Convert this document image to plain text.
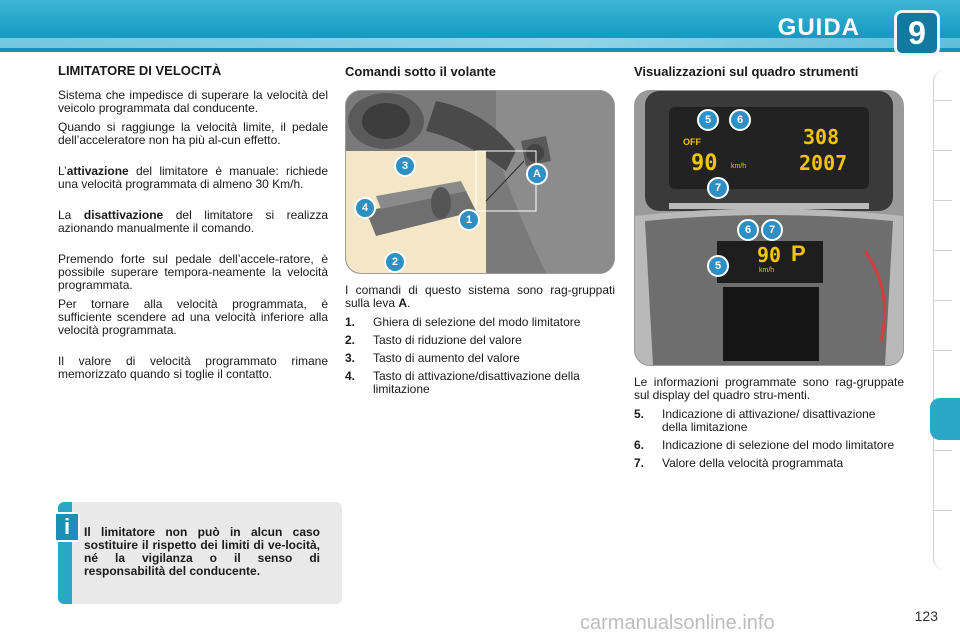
GUIDA	9
LIMITATORE DI VELOCITÀ

Sistema che impedisce di superare la velocità del veicolo programmata dal conducente.

Quando si raggiunge la velocità limite, il pedale dell’acceleratore non ha più al-cun effetto.

L’attivazione del limitatore è manuale: richiede una velocità programmata di almeno 30 Km/h.

La disattivazione del limitatore si realizza azionando manualmente il comando.

Premendo forte sul pedale dell’accele-ratore, è possibile superare tempora-neamente la velocità programmata.

Per tornare alla velocità programmata, è sufficiente scendere ad una velocità inferiore alla velocità programmata.

Il valore di velocità programmato rimane memorizzato quando si toglie il contatto.

i	Il limitatore non può in alcun caso sostituire il rispetto dei limiti di ve-locità, né la vigilanza o il senso di responsabilità del conducente.
Comandi sotto il volante
3
4
1
2
A

I comandi di questo sistema sono rag-gruppati sulla leva A.

1.	Ghiera di selezione del modo limitatore
2.	Tasto di riduzione del valore
3.	Tasto di aumento del valore
4.	Tasto di attivazione/disattivazione della limitazione
Visualizzazioni sul quadro strumenti
OFF
90 km/h
308
2007
90
km/h
P
5	6
7
6	7
5

Le informazioni programmate sono rag-gruppate sul display del quadro stru-menti.

5.	Indicazione di attivazione/ disattivazione della limitazione
6.	Indicazione di selezione del modo limitatore
7.	Valore della velocità programmata
carmanualsonline.info	123
